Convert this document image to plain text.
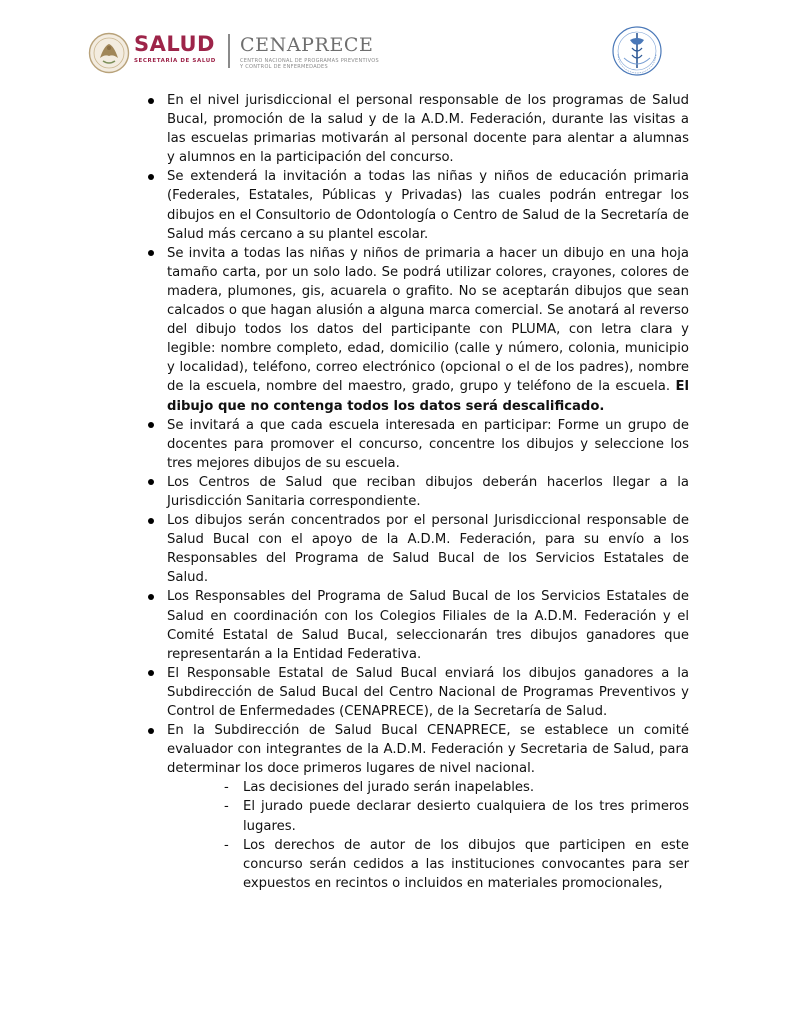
SALUD
SECRETARÍA DE SALUD
CENAPRECE
CENTRO NACIONAL DE PROGRAMAS PREVENTIVOS
Y CONTROL DE ENFERMEDADES
En el nivel jurisdiccional el personal responsable de los programas de Salud Bucal, promoción de la salud y de la A.D.M. Federación, durante las visitas a las escuelas primarias motivarán al personal docente para alentar a alumnas y alumnos en la participación del concurso.
Se extenderá la invitación a todas las niñas y niños de educación primaria (Federales, Estatales, Públicas y Privadas) las cuales podrán entregar los dibujos en el Consultorio de Odontología o Centro de Salud de la Secretaría de Salud más cercano a su plantel escolar.
Se invita a todas las niñas y niños de primaria a hacer un dibujo en una hoja tamaño carta, por un solo lado. Se podrá utilizar colores, crayones, colores de madera, plumones, gis, acuarela o grafito. No se aceptarán dibujos que sean calcados o que hagan alusión a alguna marca comercial. Se anotará al reverso del dibujo todos los datos del participante con PLUMA, con letra clara y legible: nombre completo, edad, domicilio (calle y número, colonia, municipio y localidad), teléfono, correo electrónico (opcional o el de los padres), nombre de la escuela, nombre del maestro, grado, grupo y teléfono de la escuela. El dibujo que no contenga todos los datos será descalificado.
Se invitará a que cada escuela interesada en participar: Forme un grupo de docentes para promover el concurso, concentre los dibujos y seleccione los tres mejores dibujos de su escuela.
Los Centros de Salud que reciban dibujos deberán hacerlos llegar a la Jurisdicción Sanitaria correspondiente.
Los dibujos serán concentrados por el personal Jurisdiccional responsable de Salud Bucal con el apoyo de la A.D.M. Federación, para su envío a los Responsables del Programa de Salud Bucal de los Servicios Estatales de Salud.
Los Responsables del Programa de Salud Bucal de los Servicios Estatales de Salud en coordinación con los Colegios Filiales de la A.D.M. Federación y el Comité Estatal de Salud Bucal, seleccionarán tres dibujos ganadores que representarán a la Entidad Federativa.
El Responsable Estatal de Salud Bucal enviará los dibujos ganadores a la Subdirección de Salud Bucal del Centro Nacional de Programas Preventivos y Control de Enfermedades (CENAPRECE), de la Secretaría de Salud.
En la Subdirección de Salud Bucal CENAPRECE, se establece un comité evaluador con integrantes de la A.D.M. Federación y Secretaria de Salud, para determinar los doce primeros lugares de nivel nacional.
- Las decisiones del jurado serán inapelables.
- El jurado puede declarar desierto cualquiera de los tres primeros lugares.
- Los derechos de autor de los dibujos que participen en este concurso serán cedidos a las instituciones convocantes para ser expuestos en recintos o incluidos en materiales promocionales,
